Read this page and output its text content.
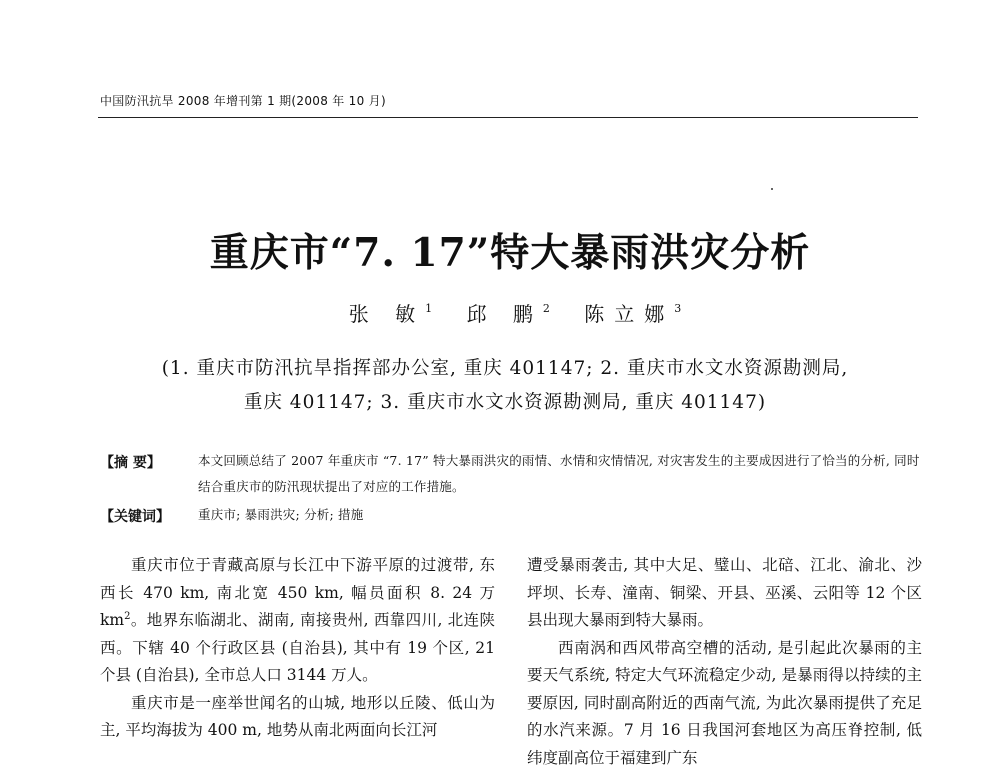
中国防汛抗旱 2008 年增刊第 1 期(2008 年 10 月)
重庆市“7. 17”特大暴雨洪灾分析
张 敏$^1$ 邱 鹏$^2$ 陈立娜$^3$
(1. 重庆市防汛抗旱指挥部办公室, 重庆 401147; 2. 重庆市水文水资源勘测局,
重庆 401147; 3. 重庆市水文水资源勘测局, 重庆 401147)
【摘 要】	本文回顾总结了 2007 年重庆市 “7. 17” 特大暴雨洪灾的雨情、水情和灾情情况, 对灾害发生的主要成因进行了恰当的分析, 同时结合重庆市的防汛现状提出了对应的工作措施。
【关键词】 重庆市; 暴雨洪灾; 分析; 措施

重庆市位于青藏高原与长江中下游平原的过渡带, 东西长 470 km, 南北宽 450 km, 幅员面积 8. 24 万 $km^2$。地界东临湖北、湖南, 南接贵州, 西靠四川, 北连陕西。下辖 40 个行政区县 (自治县), 其中有 19 个区, 21 个县 (自治县), 全市总人口 3144 万人。

重庆市是一座举世闻名的山城, 地形以丘陵、低山为主, 平均海拔为 400 m, 地势从南北两面向长江河

遭受暴雨袭击, 其中大足、璧山、北碚、江北、渝北、沙坪坝、长寿、潼南、铜梁、开县、巫溪、云阳等 12 个区县出现大暴雨到特大暴雨。

西南涡和西风带高空槽的活动, 是引起此次暴雨的主要天气系统, 特定大气环流稳定少动, 是暴雨得以持续的主要原因, 同时副高附近的西南气流, 为此次暴雨提供了充足的水汽来源。7 月 16 日我国河套地区为高压脊控制, 低纬度副高位于福建到广东
